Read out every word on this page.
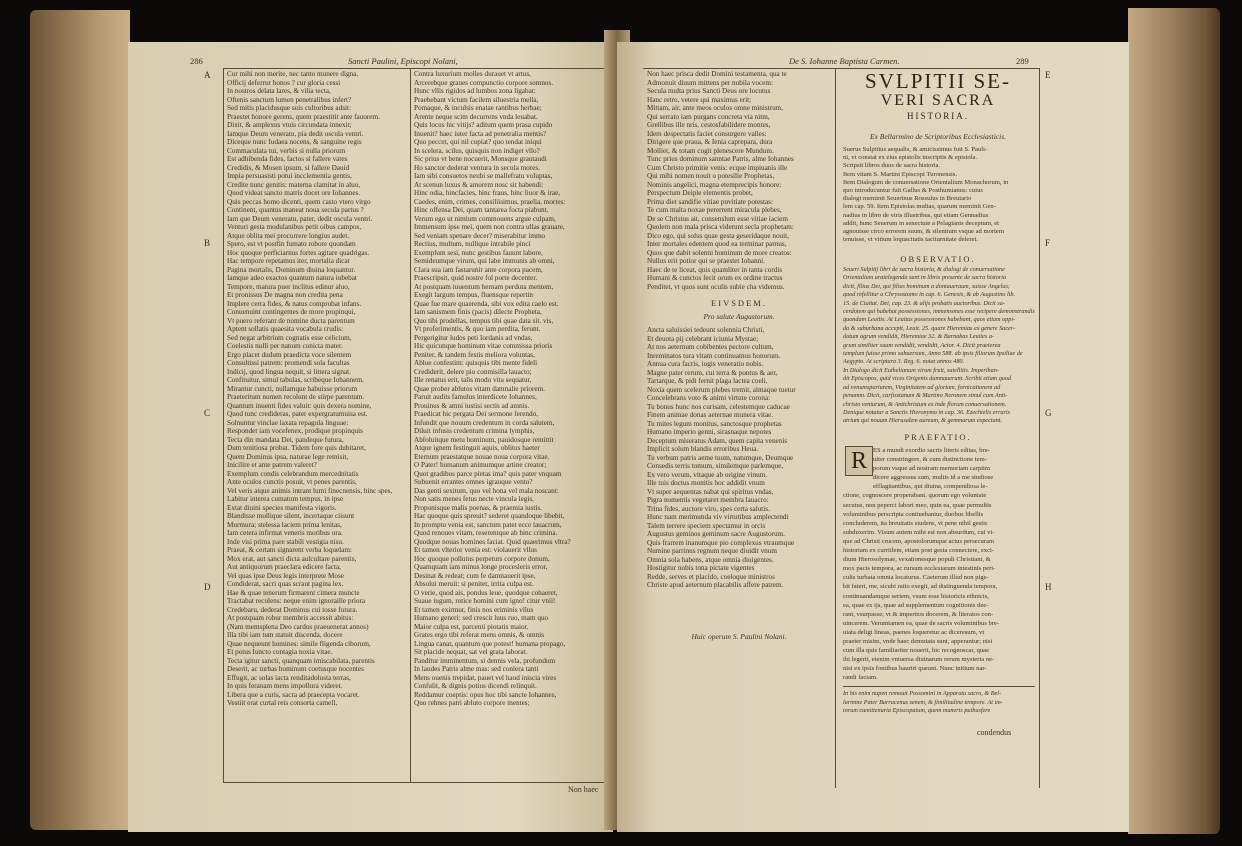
286	Sancti Paulini, Episcopi Nolani,
A
B
C
D
Cur mihi non merite, nec tanto munere digna,
Officij deferrur honos ? cur gloria cessi
In nostros delata lares, & vilia tecta,
Oftenis sanctum lumen penetralibus infert?
Sed mitis placidusque suis cultoribus adsit:
Praestet honore gerens, quem praestitit ante fauorem.
Dixit, & amplexus vtuis circundata innexit;
Iamque Deum veneratu, pia dedit oscula ventri.
Diceque nunc Iudaea nocens, & sanguine regis
Commaculata tui, verbis si nulla priorum
Est adhibenda fides, factos si fallere vates
Credidis, & Mosen ipsum, si fallere Dauid
Impia persuasisti potui incclementia gentis,
Credite nunc genitis: materna clamitat in aluo,
Quod videat sancto matris docet ore Iohannes.
Quis peccas homo dicenti, quem casto vtero virgo
Continent, quantus maneat noua secula partus ?
Iam que Deum veneratu, pater, dedit oscula ventri.
Venturi gesta modulanibus petit oibus campos,
Atque oblita mei procurrere longius audet.
Spero, est vt postfin fumato robore quondam
Hoc quoque perficiarnus fortes agitare quadrigas.
Hac tempore repetamus iter, mortalia dicat
Pagina mortalis, Dominum diuina loquantur.
Iamque adeo exactos quantum natura iubebat
Tempore, matura puer inclitus edinur aluo,
Et pronissus De magna non credita pena
Implere cerra fides, & natus comprobat infans.
Conuenuint contingentes de more propinqui,
Vt puero referant de nomine ducta parentum
Aptent sollatis quaesita vocabula crudis:
Sed negat arbitrium cognatis esse celicium,
Coelestis nulli per nanum conicta mater.
Ergo placet dudum praedicta voce silentem
Consultissi patrem: promendi sola facultas
Indicij, quod lingua nequit, si littera signat.
Confituitur, simul tabulas, scribeque Iohannem.
Mirantur cuncti, nullamque habuisse priorum
Praeteritum nomen recolunt de stirpe parentum.
Quantum inuenti fides valuit: quis dexera nomine,
Quod tunc credideras, pater expergratumuisa est.
Solnuntur vinclae laxata repagula linguae:
Respondet iam vocefenex, prodique propinquis
Tecta din mandata Dei, pandeque futura,
Dum tenitiosa probat. Tidem fore quis dubitaret,
Quem Dominus ipsa, naturae lege remisit,
Inicilire et ante patrem valeret?
Exemplum condis celebrandum mercednitatis
Ante oculos cunctis posuit, vt penes parentis,
Vel veris atque animis intrant lumi finecnensis, hinc spes,
Labitur interea cumatum tempus, in ipse
Extat diuini species manifesta vigoris.
Blandisse mollique silent, incertaque ciisunt
Murmura; stelessa laciem prima lenitas,
Iam cetera infirmat veneris moribus ora.
Inde visi prima pare stabili vestigia nisu.
Praeat, & certam signarent verba loquelam:
Mox erat, aut sancti dicta aulcultare parentis,
Aut antiquorum praeclara edicere facta,
Vel quas ipse Deus legis interprete Mose
Condiderat, sacri quas scraut pagina lex.
Hae & quae tenerum firmarent cimera muncte
Tractabat reculens: neque enim ignoraille priora
Credebaru, dederat Dominus cui tosse futura.
At postquam robur membris accessit abitus:
(Nam memsplena Deo cardos praeuenerat annos)
Illa tibi iam tum statuit discenda, docere
Quae nequeunt homines: simile fligenda ciborum,
Et potus Iuncto contagia noxia vitae.
Tecta igitur sancti, quanquam imiscabilata, parentis
Deserit, ac turbas hominum coetusque nocentes
Effugit, ac solas iacta renditadolusta terras,
In quis feranam mens impollura videret.
Libera que a curis, sacra ad praecepta vocaret.
Vestiit erat curtal reis consorta camell,
Contra luxurium molles durauet vt artus,
Arcerebque graues compunctio corpore somnos.
Hunc vllis rigidos ad lumbos zona ligabat:
Praebebant victum facilem siluestria mella,
Pomaque, & inculsis enatae rantibus herbae;
Arente neque scim decurrens vnda leuabat.
Quis locus hic vitijs? aditum quem prasa cupido
Inuenit? haec iuter facta ad penetralia mentis?
Quo peccet, qui nil cupiat? quo tendat iniqui
In scelera, scilus, quisquis non indiget vllo?
Sic prius vt bene nocuerit, Monsque grautaudi
Ho sanctor dederat ventura in secula mores.
Iam sibi consuetos neubi se mallefratu voluptas,
At scenun luxus & amorem nosc sit habendi:
Hinc odia, hincfacies, hinc fraus, hinc liuor & irae,
Caedes, enim, crimes, consiliisimus, praelia, mortes:
Hinc offensa Dei, quam tantarea focta piabunt.
Verum ego ut nimium commouens argue culpam,
Immensum ipse mei, quem non contra ullas grauare,
Sed veniam spenare decer? miserabitur immo
Rectius, multum, nullique intrabile pinci
Exemplum sesi, nunc gestibus fauunt labore,
Semideumque virum, qui labe immunis ab omni,
Clara sua iam fastarunir ante corpora pacem,
Praescripsit, quid nostre fol porte decenter.
At postquam iuuentum hernam perduta mentem,
Exegit largum tempus, fluensque repertin
Quae fue mare quaerenda, sibi vox edita caelo est.
Iam sanismem finis (pacis) dilecte Propheta,
Quo tibi prodellas, tempus tibi quae data sit. vis,
Vt proferimentis, & quo iam perdita, ferunt.
Pergerigitur ludos peti Iordanis ad vndas,
Hic quicunque hominum vitae commissa prioris
Peniter, & tandem festis meliora voluntas,
Ablue confestim: quisquis tibi mente fideli
Crediderit, delere pio conmisilla lauacto;
Ille renatus erit, talis modo vita sequatur,
Quae prober ablutos vitam damnalie priorem.
Paruit audits famulus interdicete Iohannes,
Prouinus & amni iustisi sectis ad amnis.
Praedicat hic pergata Dei sermone ferendo,
Infundit que nouum credentum in corda salutem,
Diluit infusis credentum crimina lymphis,
Abfoluitque metu hominum, pauidosque remittit
Atque ignem festinguit aquis, oblitus haeter
Eternum praestatque nouae noua corpora vitae.
O Pater! humanum animumque artine creator;
Quot gradibus parce pietas ima? quis pater vnquam
Subuenit errantes omnes igrauque vento?
Das genti sexitum, quo vel hona vel mala noscant:
Non satis menes fetus necte vincula legis,
Proponisque malis poenas, & praemia iustis.
Hac quoque quis spreuit? sederet quandoque libebit,
In promptu venia est, sanctum patet ecce lauacrum,
Quod renoues vitam, reserentque ab hinc crimina.
Quodque nouas homines faciat. Quid quaerimus vltra?
Et tamen vlterior venia est: violauerit vllus
Hoc quoque pollutus perpeturs corpore donum,
Quamquam iam minus longe procesleris error,
Desinat & redeat; cum fe damnauerit ipse,
Absolui meruit: si penitet, irrita culpa est.
O verie, quod ais, pondus leue, quodque cohaeret,
Suaue iugum, rotice homini cum igno! citur vnii!
Et tamen exirmur, finis nos eriminis vllus
Humano generi: sed crescit luus ruo, mam quo
Maior culpa est, parcenti piotatis maior.
Grates ergo tibi referat mens omnis, & omnis
Lingua canat, quantum que potest! humana propago,
Sit placide nequat, sat vel grata laborat.
Panditur imminentum, si dennis vela, profundum
In laudes Patris alme mas: sed conlera tanti
Mens ouenis trepidat, pauet vel haud iniscia vires
Confulit, & dignis potius dicendi relinquit.
Reddamur coeptis: opus hoc tibi sancte Iohannes,
Quo rehnes patri abluto corpore mentes;
Non haec
De S. Iohanne Baptista Carmen.	289
E
F
G
H
Non haec prisca dedit Domini testamenta, qua te
Admonuit diuum mittens per nubila vocem:
Secula multa prius Sancti Deus ore locutus
Hanc retro, vetere qui maximus erit;
Mittam, air, ante meos oculos omne ministrum,
Qui serrato iam purgans concreta via nitm,
Grellibus ille nris, cestosfabilidere montes,
Idem despectatis faciet consurgere valles:
Dirigere que praua, & Ienia caprepara, dura
Molliet, & totam cogit plenescere Mundum.
Tunc prius dominum sanntae Patris, alme Iohannes
Cum Christo primitie venis: ecque impiuanis ille
Qui mihi nomen nouit o potesilie Prophetas,
Nominis angelici, magna etemprecipis honore:
Perspectum Deiple elementis probet,
Prima diet sandifie vitiae puvitiate potestas:
Te cum malta noxae pererrent miracula plebes,
De se Christus ait, consenslum esse vitiae iaciem
Quolem non mala prisca viderunt secla prophetam:
Dico ego, qui solus quae gesta geseridaque nouit,
Inter mortales edentem quod ea terminar parnus,
Quos que dabit solenni hominum de more creatos:
Nullus erit potior qui se praestet Iohanni.
Haec de te liceat, quis quamliter in tanta cordis
Humani & cunctos fecit orum ex ordine tractus
Penditet, vt quos sunt oculis subie cha videmus.
EIVSDEM.
Pro salute Augustorum.
Ancta saluissiei tedeunt solennia Christi,
Et deuota pij celebrant iciunia Mystae;
At nos aeternum cobibentes pectore cultum,
Inreminatos tura vitam continuamus honorum.
Annua cura facris, iugis veneratio nobis.
Magne pater rerum, cui terra & pontus & aer,
Tartarque, & pidi fernit plaga lactea coeli,
Noxia quem scelerum plebes tremit, almaque tuetur
Concelebrans voto & animi virtute corona:
Tu bonus hunc nos curisam, celestemque caducae
Finem animae donas aeternae munera vitae.
Tu mites legum monitus, sanctosque prophetas
Humano imperio genni, sirasnaque nepotes
Deceptum miseratus Adam, quem capita venenis
Implicit solum blandis erroribus Heua.
Tu verbum patris aeme tuum, natumque, Deumque
Consedis terris tomum, similemque parlemque,
Ex vero verum, vitaque ab origine vinum.
Ille tuis doctus monitis hoc addidit vnum
Vt super aequentas nabat qui spiritus vndas,
Pigra nomentis vegetaret membra lauacro:
Trina fides, auctore viro, spes certa salutis.
Hunc nam merimunda viv virtutibus amplectendi
Talem terrere speciem spectamur in orcis
Augustus geminos geminum sacre Augustorum.
Quis frarrem inanumque pio complexus vtraumque
Numine parrinus regnum neque diuidit vnum
Omnia sola habens, atque omnia diuigentes.
Hostigitur nobis tona pictate vigentes
Redde, serves et placido, coeloque ministros
Christe apud aeternum placabilis affere patrem.
Huic operum S. Paulini Nolani.
SVLPITII SE-
VERI SACRA
HISTORIA.
Ex Bellarmino de Scriptoribus Ecclesiasticis.
Suerus Sulpitius aequalis, & amicissimus fuit S. Pauli-
ni, vt constat ex eius epistolis inscriptis & epistola.
Scripsit libros duos de sacra historia.
Item vitam S. Martini Episcopi Turonensis.
Item Dialogum de conuersatione Orientalium Monachorum, in
quo introducuntur fuit Gallus & Posthumianus: cuius
dialogi meminit Seuerinus Rossulus in Breuiario
lem cap. 59. Item Epistolas multas, quarum meminit Gen-
nadius in libro de viris illustribus, qui etiam Gennadius
addit, hunc Seuerum in senectute a Pelagianis deceptum, et
agnouisse circo errorem suum, & silentium vsque ad mortem
tenuisse, vt vitium loquacitatis taciturnitate deleret.
OBSERVATIO.
Seueri Sulpitij libri de sacra historia, & dialogi de conuersatione
Orientalium uratelegenda sunt in libris presente de sacra historia
dicit, filius Dei, qui filius hominum a doniaueraum, suisse Angelus;
quod refellitur a Chrysostomo in cap. 6. Genesis, & ab Augustino lib.
15. de Ciuitat. Dei, cap. 23. & alijs probatis auctoribus. Dicit sa-
cerdotem qui habebat possessiones, immensones esse recipere demonstrandis
quondam Leuitis. At Leuitas possessiones habebant, quos etiam oppi-
da & suburbana accepit, Leuit. 25. quare Hieremias ex genere Sacer-
dotum agrum vendidit, Hieremiae 32. & Barnabas Leuites a-
grum similiter suum vendidit, vendidit, Actor. 4. Dicit praeterea
templum fuisse primo subuersum, Anno 588. ab ipsis filiorum Ipsiliae de
Aegypto. At scriptura 3. Reg. 6. notat annos 480.
In Dialogo dicit Euthelianum virum fruit, satellitis. Imperiban-
dit Episcopos, quid vices Origenis damnauerunt. Scribit etiam quod
ad venumspariurem, Virginitatem ad gloriam, fornicationem ad
penamm. Dicit, carfisstanum & Martino Neronem simul cum Anti-
christo venturum, & Antichristum ex inde florum conuersationem.
Denique notatur a Sanctis Hieronymo in cap. 36. Ezechielis erraris
atrium qui nouum Hierusalem aureum, & gemmarum expectant.
PRAEFATIO.
R ES a mundi exordio sacris literis editas, bre-
uiter constringere, & cum distinctione tem-
porum vsque ad nostram memoriam carptim
dicere aggressus sum, multis id a me studiose
efflagitantibus, qui diuina, compendiosa le-
ctione, cognoscere properabant. quorum ego voluntate
secutus, non peperci labori meo, quin ea, quae permultis
voluminibus perscripta continebantur, duobus libellis
concluderem, ita breuitatis studens, vt pene nihil gestis
subduxerim. Visum autem mihi est non absurdum, cui vi-
que ad Christi crucem, apostolorumque actus persecuram
historiam ex curriilem, etiam post gesta connectere, exci-
dium Hierosolymae, vexationesque populi Christiani, &
mox pacis tempora, ac rursum ecclesiarum intestinis peri-
culis turbata omnia locaturus. Caeterum illud non pige-
bit fateri, me, sicubi ratio exegit, ad distinguenda tempora,
continuandamque seriem, vsum esse historicis ethnicis,
ea, quae ex ijs, quae ad supplementum cognitionis dee-
rant, vsurpasse; vt & imperitos docerem, & literatos con-
uincerem. Verumtamen ea, quae de sacris voluminibus bre-
uiata deligi lineas, paenes loqueretur ac diceresum, vt
praeter misim, vnde haec demutata sunt, apperantur; nisi
cum illa quis familiariter nouerit, hic recognoscar, quae
ibi legerit, etenim vniuersa diuinarum rerum mysteria ne-
nisi ex ipsis fontibus hauriri queunt. Nunc initium nar-
randi faciam.
In his enim nupen remouit Possomini in Apparatu sacro, & Bel-
larmine Pater Barracenus senem, & fimilitudine tempore. At im-
torum cumittenuria Episcopatum, quem muneris puibusfere
condendus
